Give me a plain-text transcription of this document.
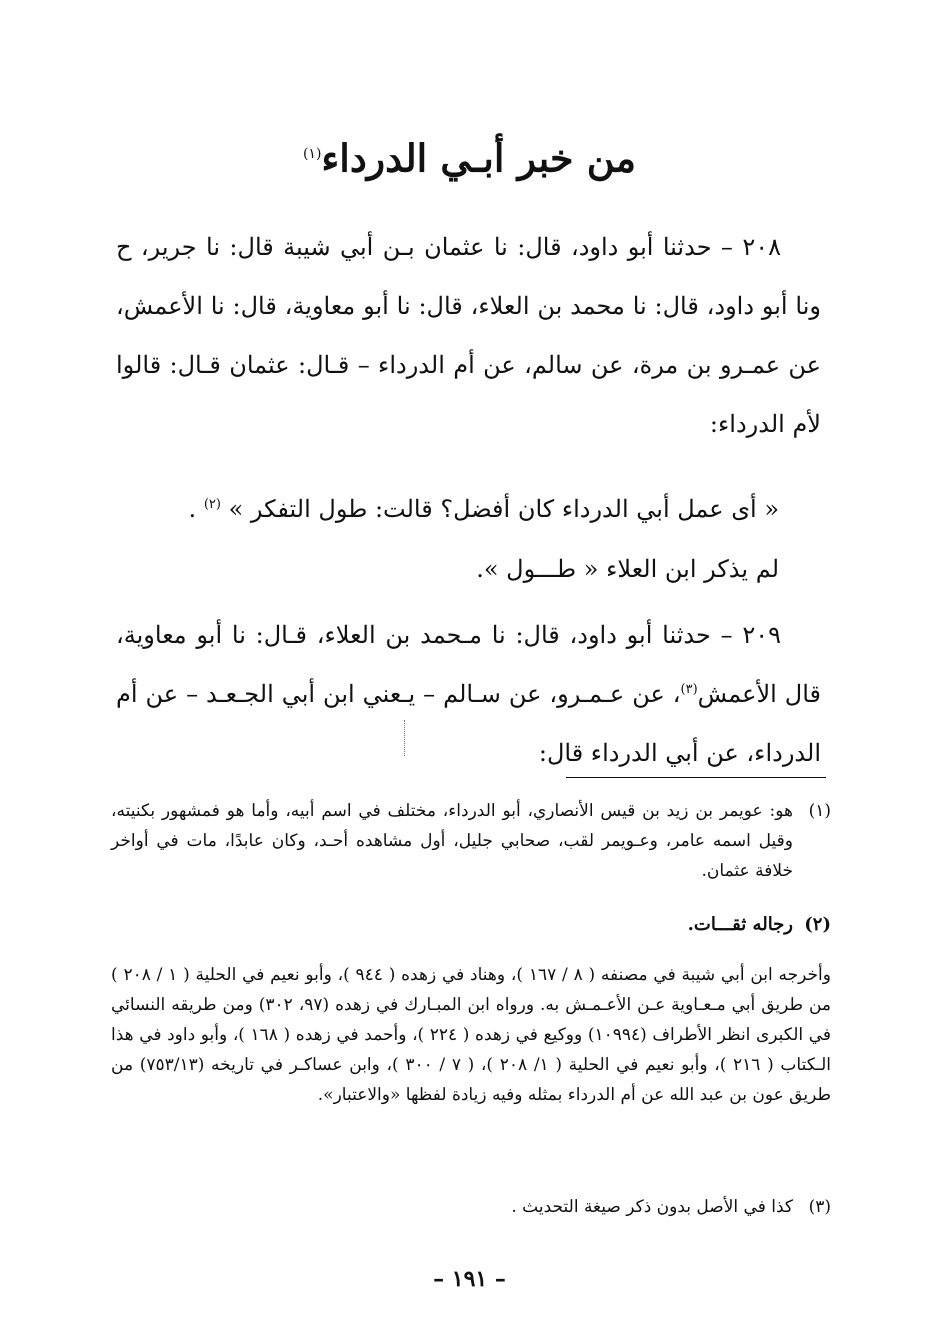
من خبر أبـي الدرداء$^{(١)}$
٢٠٨ – حدثنا أبو داود، قال: نا عثمان بـن أبي شيبة قال: نا جرير، ح ونا أبو داود، قال: نا محمد بن العلاء، قال: نا أبو معاوية، قال: نا الأعمش، عن عمـرو بن مرة، عن سالم، عن أم الدرداء – قـال: عثمان قـال: قالوا لأم الدرداء:
« أى عمل أبي الدرداء كان أفضل؟ قالت: طول التفكر » $^{(٢)}$ .
لم يذكر ابن العلاء « طـــول ».
٢٠٩ – حدثنا أبو داود، قال: نا مـحمد بن العلاء، قـال: نا أبو معاوية، قال الأعمش$^{(٣)}$، عن عـمـرو، عن سـالم – يـعني ابن أبي الجـعـد – عن أم الدرداء، عن أبي الدرداء قال:
(١)
هو: عويمر بن زيد بن قيس الأنصاري، أبو الدرداء، مختلف في اسم أبيه، وأما هو فمشهور بكنيته، وقيل اسمه عامر، وعـويمر لقب، صحابي جليل، أول مشاهده أحـد، وكان عابدًا، مات في أواخر خلافة عثمان.
(٢)
رجاله ثقـــات.
وأخرجه ابن أبي شيبة في مصنفه ( ٨ / ١٦٧ )، وهناد في زهده ( ٩٤٤ )، وأبو نعيم في الحلية ( ١ / ٢٠٨ ) من طريق أبي مـعـاوية عـن الأعـمـش به. ورواه ابن المبـارك في زهده (٩٧، ٣٠٢) ومن طريقه النسائي في الكبرى انظر الأطراف (١٠٩٩٤) ووكيع في زهده ( ٢٢٤ )، وأحمد في زهده ( ١٦٨ )، وأبو داود في هذا الـكتاب ( ٢١٦ )، وأبو نعيم في الحلية ( ١/ ٢٠٨ )، ( ٧ / ٣٠٠ )، وابن عساكـر في تاريخه (٧٥٣/١٣) من طريق عون بن عبد الله عن أم الدرداء بمثله وفيه زيادة لفظها «والاعتبار».
(٣)
كذا في الأصل بدون ذكر صيغة التحديث .
– ١٩١ –
